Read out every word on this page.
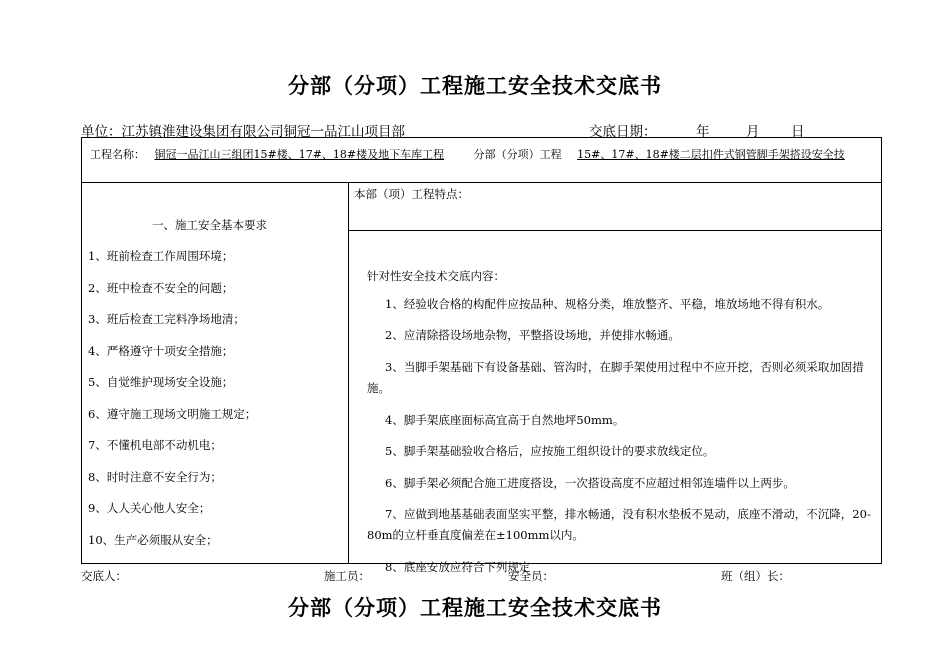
分部（分项）工程施工安全技术交底书
单位：江苏镇淮建设集团有限公司铜冠一品江山项目部	交底日期：	年	月 日
工程名称： 铜冠一品江山三组团15#楼、17#、18#楼及地下车库工程	分部（分项）工程 15#、17#、18#楼二层扣件式钢管脚手架搭设安全技
一、施工安全基本要求
1、班前检查工作周围环境；
2、班中检查不安全的问题；
3、班后检查工完料净场地清；
4、严格遵守十项安全措施；
5、自觉维护现场安全设施；
6、遵守施工现场文明施工规定；
7、不懂机电部不动机电；
8、时时注意不安全行为；
9、人人关心他人安全；
10、生产必须服从安全；
本部（项）工程特点：
针对性安全技术交底内容：
1、经验收合格的构配件应按品种、规格分类，堆放整齐、平稳，堆放场地不得有积水。
2、应清除搭设场地杂物，平整搭设场地，并使排水畅通。
3、当脚手架基础下有设备基础、管沟时，在脚手架使用过程中不应开挖，否则必须采取加固措施。
4、脚手架底座面标高宜高于自然地坪50mm。
5、脚手架基础验收合格后，应按施工组织设计的要求放线定位。
6、脚手架必须配合施工进度搭设，一次搭设高度不应超过相邻连墙件以上两步。
7、应做到地基基础表面坚实平整，排水畅通，没有积水垫板不晃动，底座不滑动，不沉降，20-80m的立杆垂直度偏差在±100mm以内。
8、底座安放应符合下列规定
交底人：	施工员：	安全员：	班（组）长：
分部（分项）工程施工安全技术交底书
